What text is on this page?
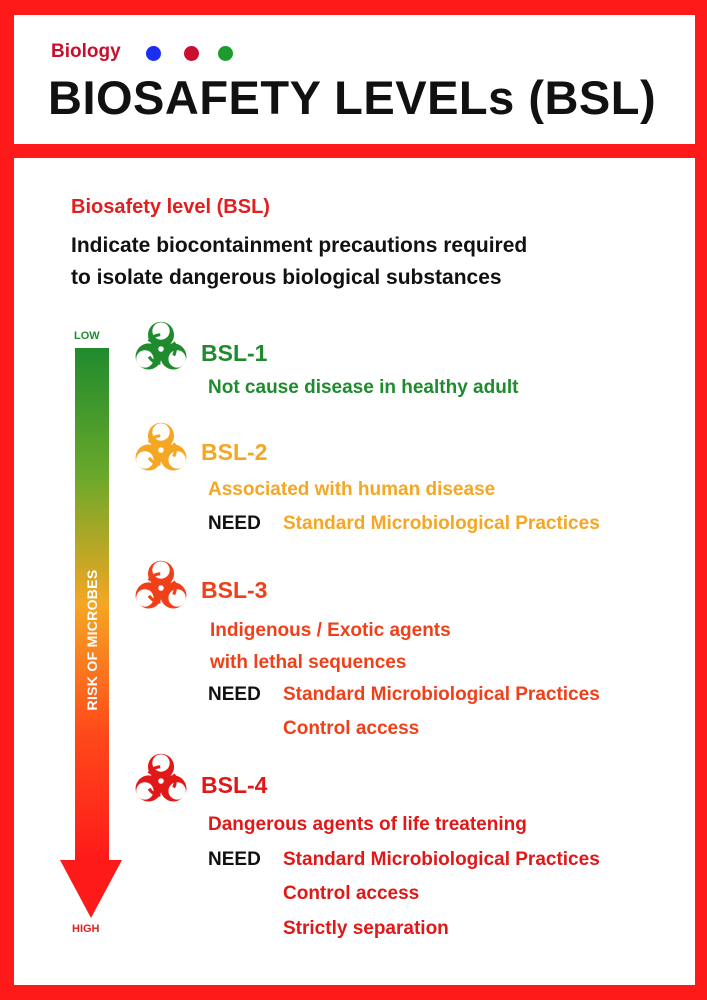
Biology
BIOSAFETY LEVELs (BSL)
Biosafety level (BSL)
Indicate biocontainment precautions required
to isolate dangerous biological substances
LOW
RISK OF MICROBES
HIGH
BSL-1
Not cause disease in healthy adult
BSL-2
Associated with human disease
NEED Standard Microbiological Practices
BSL-3
Indigenous / Exotic agents
with lethal sequences
NEED Standard Microbiological Practices
Control access
BSL-4
Dangerous agents of life treatening
NEED Standard Microbiological Practices
Control access
Strictly separation
